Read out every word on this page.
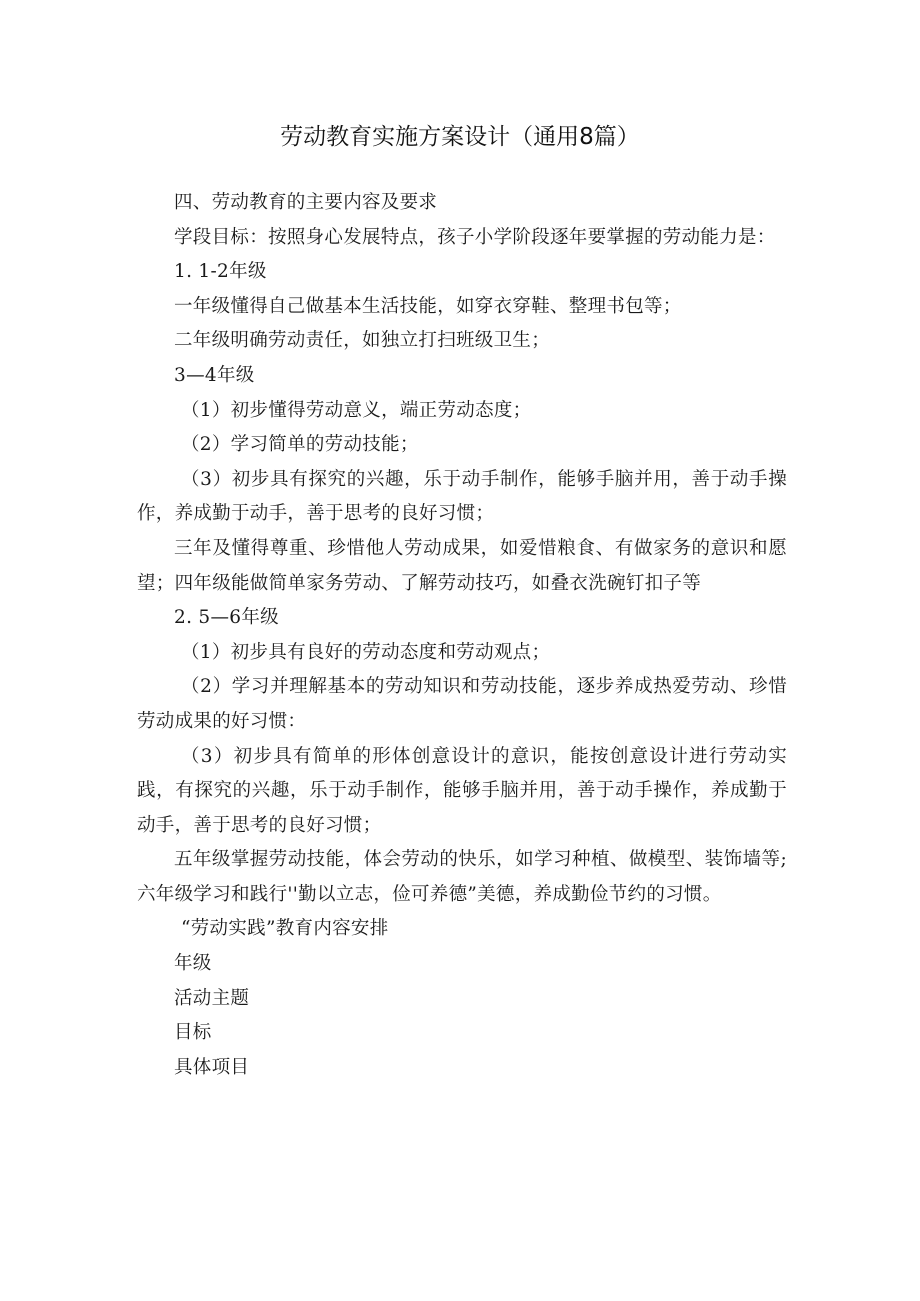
劳动教育实施方案设计（通用8篇）

四、劳动教育的主要内容及要求

学段目标：按照身心发展特点，孩子小学阶段逐年要掌握的劳动能力是：

1. 1-2年级

一年级懂得自己做基本生活技能，如穿衣穿鞋、整理书包等；

二年级明确劳动责任，如独立打扫班级卫生；

3—4年级

（1）初步懂得劳动意义，端正劳动态度；

（2）学习简单的劳动技能；

（3）初步具有探究的兴趣，乐于动手制作，能够手脑并用，善于动手操作，养成勤于动手，善于思考的良好习惯；

三年及懂得尊重、珍惜他人劳动成果，如爱惜粮食、有做家务的意识和愿望；四年级能做简单家务劳动、了解劳动技巧，如叠衣洗碗钉扣子等

2. 5—6年级

（1）初步具有良好的劳动态度和劳动观点；

（2）学习并理解基本的劳动知识和劳动技能，逐步养成热爱劳动、珍惜劳动成果的好习惯：

（3）初步具有简单的形体创意设计的意识，能按创意设计进行劳动实践，有探究的兴趣，乐于动手制作，能够手脑并用，善于动手操作，养成勤于动手，善于思考的良好习惯；

五年级掌握劳动技能，体会劳动的快乐，如学习种植、做模型、装饰墙等;六年级学习和践行''勤以立志，俭可养德”美德，养成勤俭节约的习惯。

“劳动实践”教育内容安排

年级

活动主题

目标

具体项目
